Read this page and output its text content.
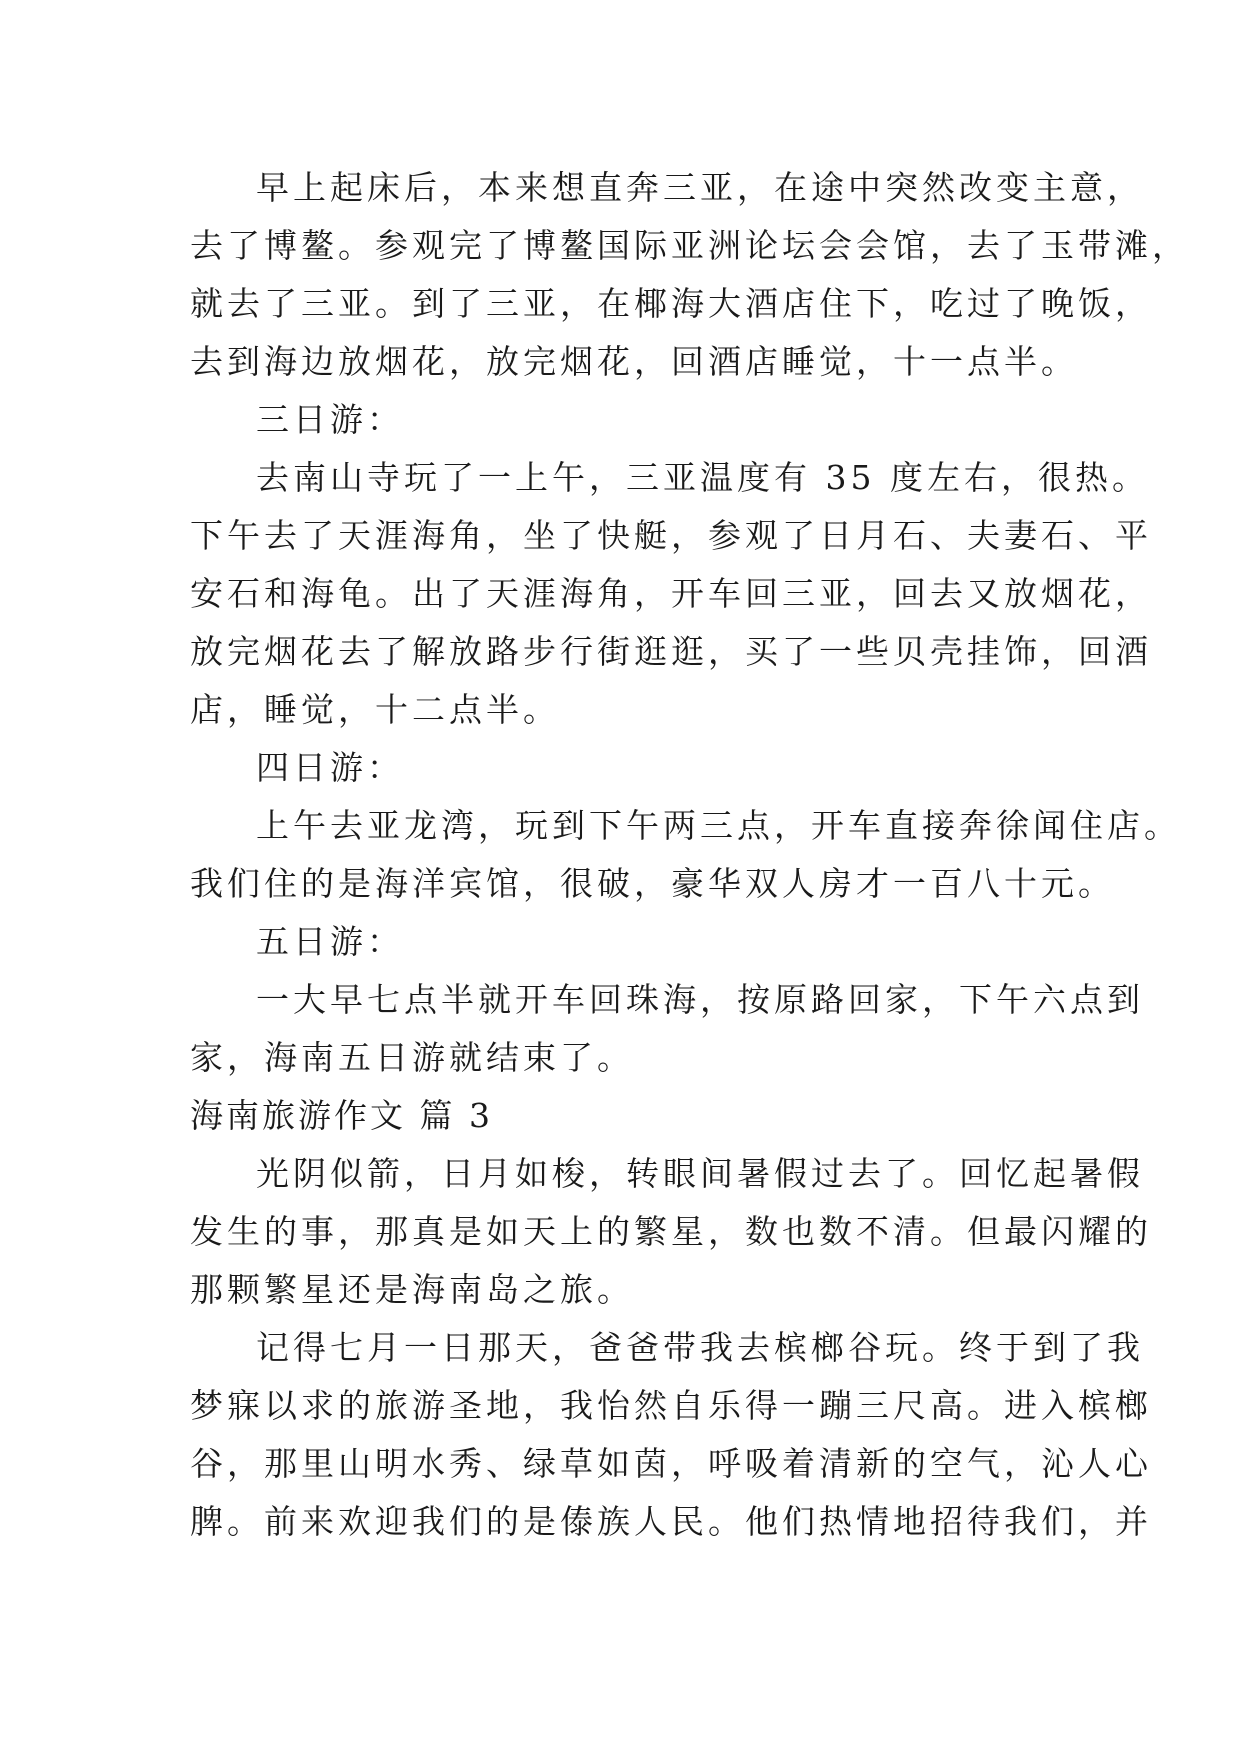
早上起床后，本来想直奔三亚，在途中突然改变主意，
去了博鳌。参观完了博鳌国际亚洲论坛会会馆，去了玉带滩，
就去了三亚。到了三亚，在椰海大酒店住下，吃过了晚饭，
去到海边放烟花，放完烟花，回酒店睡觉，十一点半。
三日游：
去南山寺玩了一上午，三亚温度有 35 度左右，很热。
下午去了天涯海角，坐了快艇，参观了日月石、夫妻石、平
安石和海龟。出了天涯海角，开车回三亚，回去又放烟花，
放完烟花去了解放路步行街逛逛，买了一些贝壳挂饰，回酒
店，睡觉，十二点半。
四日游：
上午去亚龙湾，玩到下午两三点，开车直接奔徐闻住店。
我们住的是海洋宾馆，很破，豪华双人房才一百八十元。
五日游：
一大早七点半就开车回珠海，按原路回家，下午六点到
家，海南五日游就结束了。
海南旅游作文 篇 3
光阴似箭，日月如梭，转眼间暑假过去了。回忆起暑假
发生的事，那真是如天上的繁星，数也数不清。但最闪耀的
那颗繁星还是海南岛之旅。
记得七月一日那天，爸爸带我去槟榔谷玩。终于到了我
梦寐以求的旅游圣地，我怡然自乐得一蹦三尺高。进入槟榔
谷，那里山明水秀、绿草如茵，呼吸着清新的空气，沁人心
脾。前来欢迎我们的是傣族人民。他们热情地招待我们，并
